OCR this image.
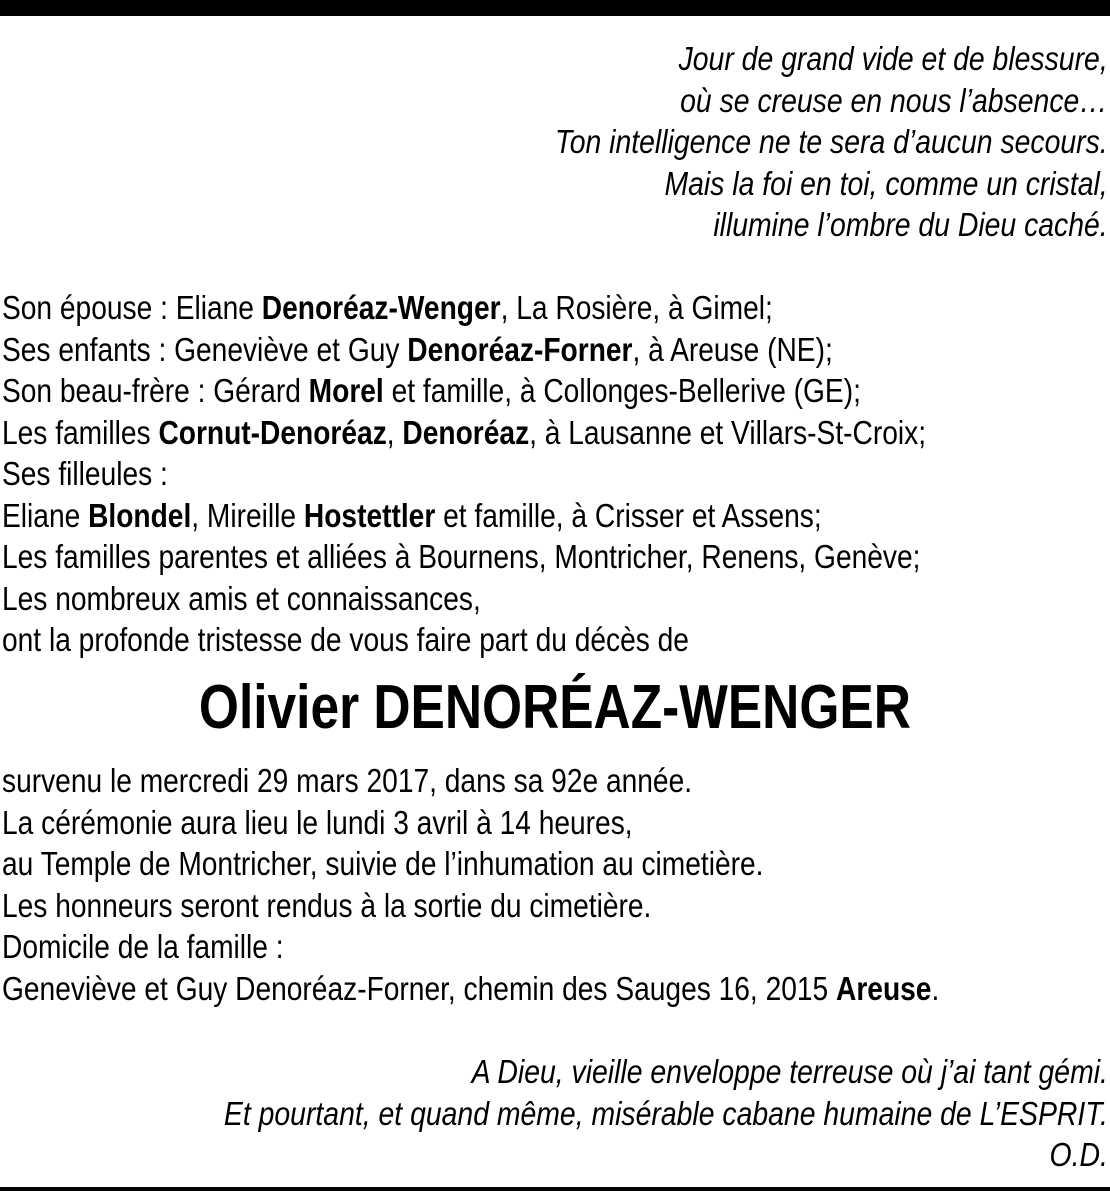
Jour de grand vide et de blessure,
où se creuse en nous l’absence…
Ton intelligence ne te sera d’aucun secours.
Mais la foi en toi, comme un cristal,
illumine l’ombre du Dieu caché.
Son épouse : Eliane Denoréaz-Wenger, La Rosière, à Gimel;
Ses enfants : Geneviève et Guy Denoréaz-Forner, à Areuse (NE);
Son beau-frère : Gérard Morel et famille, à Collonges-Bellerive (GE);
Les familles Cornut-Denoréaz, Denoréaz, à Lausanne et Villars-St-Croix;
Ses filleules :
Eliane Blondel, Mireille Hostettler et famille, à Crisser et Assens;
Les familles parentes et alliées à Bournens, Montricher, Renens, Genève;
Les nombreux amis et connaissances,
ont la profonde tristesse de vous faire part du décès de
Olivier DENORÉAZ-WENGER
survenu le mercredi 29 mars 2017, dans sa 92e année.
La cérémonie aura lieu le lundi 3 avril à 14 heures,
au Temple de Montricher, suivie de l’inhumation au cimetière.
Les honneurs seront rendus à la sortie du cimetière.
Domicile de la famille :
Geneviève et Guy Denoréaz-Forner, chemin des Sauges 16, 2015 Areuse.
A Dieu, vieille enveloppe terreuse où j’ai tant gémi.
Et pourtant, et quand même, misérable cabane humaine de L’ESPRIT.
O.D.
